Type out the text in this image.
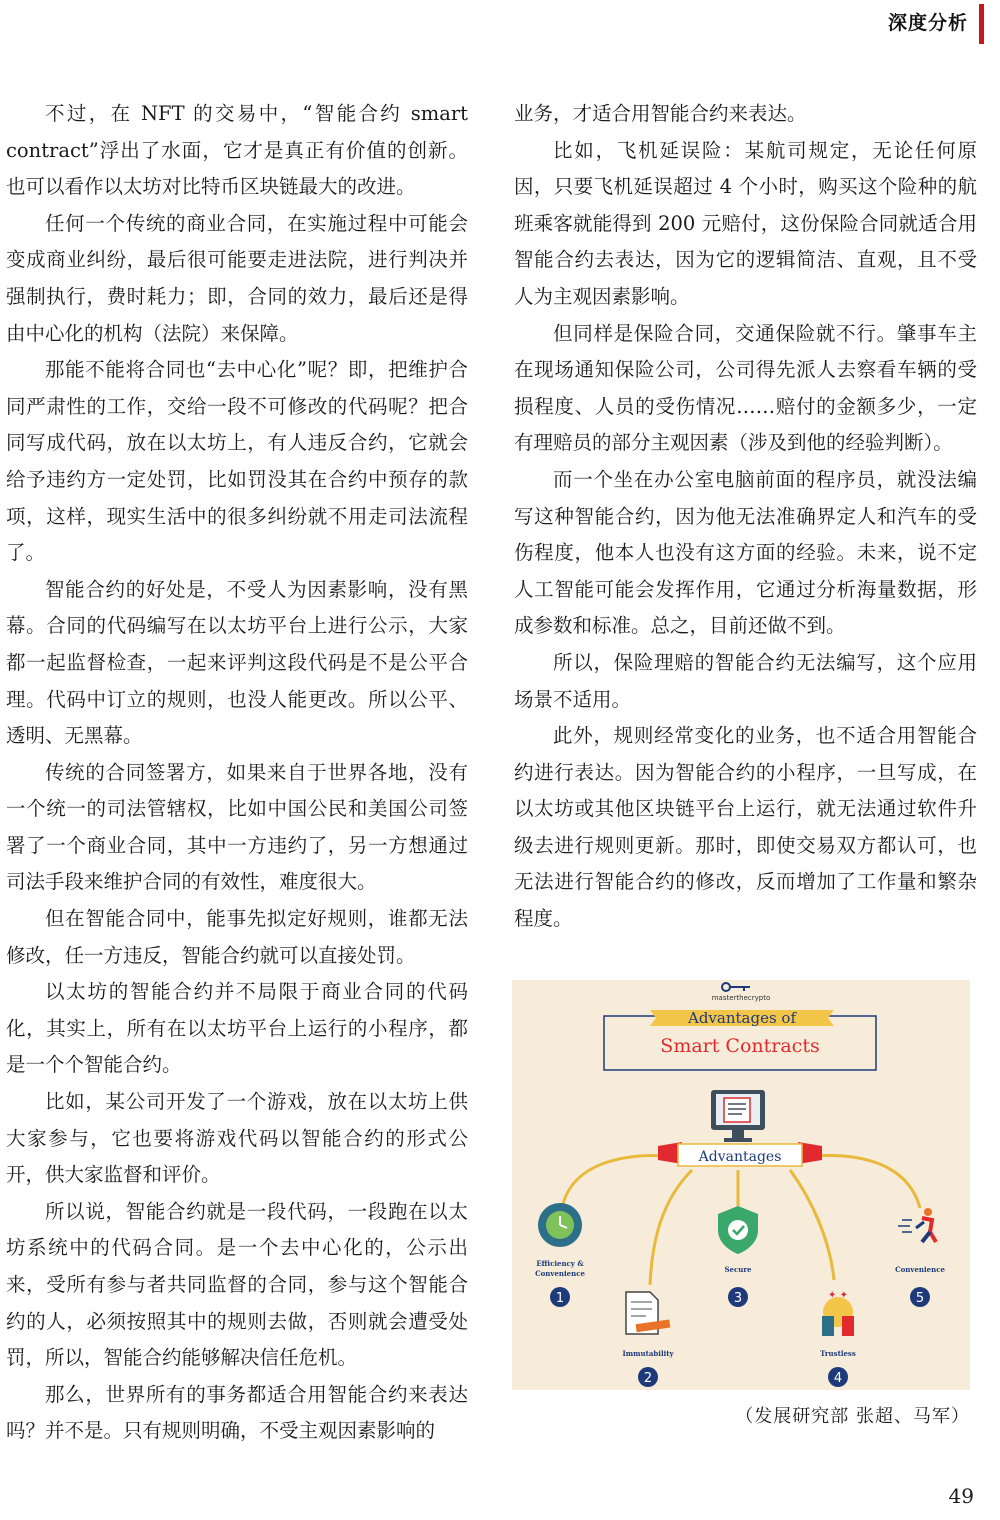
深度分析

不过，在 NFT 的交易中，“智能合约 smart contract”浮出了水面，它才是真正有价值的创新。也可以看作以太坊对比特币区块链最大的改进。

任何一个传统的商业合同，在实施过程中可能会变成商业纠纷，最后很可能要走进法院，进行判决并强制执行，费时耗力；即，合同的效力，最后还是得由中心化的机构（法院）来保障。

那能不能将合同也“去中心化”呢？即，把维护合同严肃性的工作，交给一段不可修改的代码呢？把合同写成代码，放在以太坊上，有人违反合约，它就会给予违约方一定处罚，比如罚没其在合约中预存的款项，这样，现实生活中的很多纠纷就不用走司法流程了。

智能合约的好处是，不受人为因素影响，没有黑幕。合同的代码编写在以太坊平台上进行公示，大家都一起监督检查，一起来评判这段代码是不是公平合理。代码中订立的规则，也没人能更改。所以公平、透明、无黑幕。

传统的合同签署方，如果来自于世界各地，没有一个统一的司法管辖权，比如中国公民和美国公司签署了一个商业合同，其中一方违约了，另一方想通过司法手段来维护合同的有效性，难度很大。

但在智能合同中，能事先拟定好规则，谁都无法修改，任一方违反，智能合约就可以直接处罚。

以太坊的智能合约并不局限于商业合同的代码化，其实上，所有在以太坊平台上运行的小程序，都是一个个智能合约。

比如，某公司开发了一个游戏，放在以太坊上供大家参与，它也要将游戏代码以智能合约的形式公开，供大家监督和评价。

所以说，智能合约就是一段代码，一段跑在以太坊系统中的代码合同。是一个去中心化的，公示出来，受所有参与者共同监督的合同，参与这个智能合约的人，必须按照其中的规则去做，否则就会遭受处罚，所以，智能合约能够解决信任危机。

那么，世界所有的事务都适合用智能合约来表达吗？并不是。只有规则明确，不受主观因素影响的

业务，才适合用智能合约来表达。

比如，飞机延误险：某航司规定，无论任何原因，只要飞机延误超过 4 个小时，购买这个险种的航班乘客就能得到 200 元赔付，这份保险合同就适合用智能合约去表达，因为它的逻辑简洁、直观，且不受人为主观因素影响。

但同样是保险合同，交通保险就不行。肇事车主在现场通知保险公司，公司得先派人去察看车辆的受损程度、人员的受伤情况……赔付的金额多少，一定有理赔员的部分主观因素（涉及到他的经验判断）。

而一个坐在办公室电脑前面的程序员，就没法编写这种智能合约，因为他无法准确界定人和汽车的受伤程度，他本人也没有这方面的经验。未来，说不定人工智能可能会发挥作用，它通过分析海量数据，形成参数和标准。总之，目前还做不到。

所以，保险理赔的智能合约无法编写，这个应用场景不适用。

此外，规则经常变化的业务，也不适合用智能合约进行表达。因为智能合约的小程序，一旦写成，在以太坊或其他区块链平台上运行，就无法通过软件升级去进行规则更新。那时，即使交易双方都认可，也无法进行智能合约的修改，反而增加了工作量和繁杂程度。

masterthecrypto
Advantages of
Smart Contracts
Advantages
Efficiency &
Convenience
1
Immutability
2
Secure
3	✦ ✦
Trustless
4
Convenience
5
（发展研究部 张超、马军）
49
